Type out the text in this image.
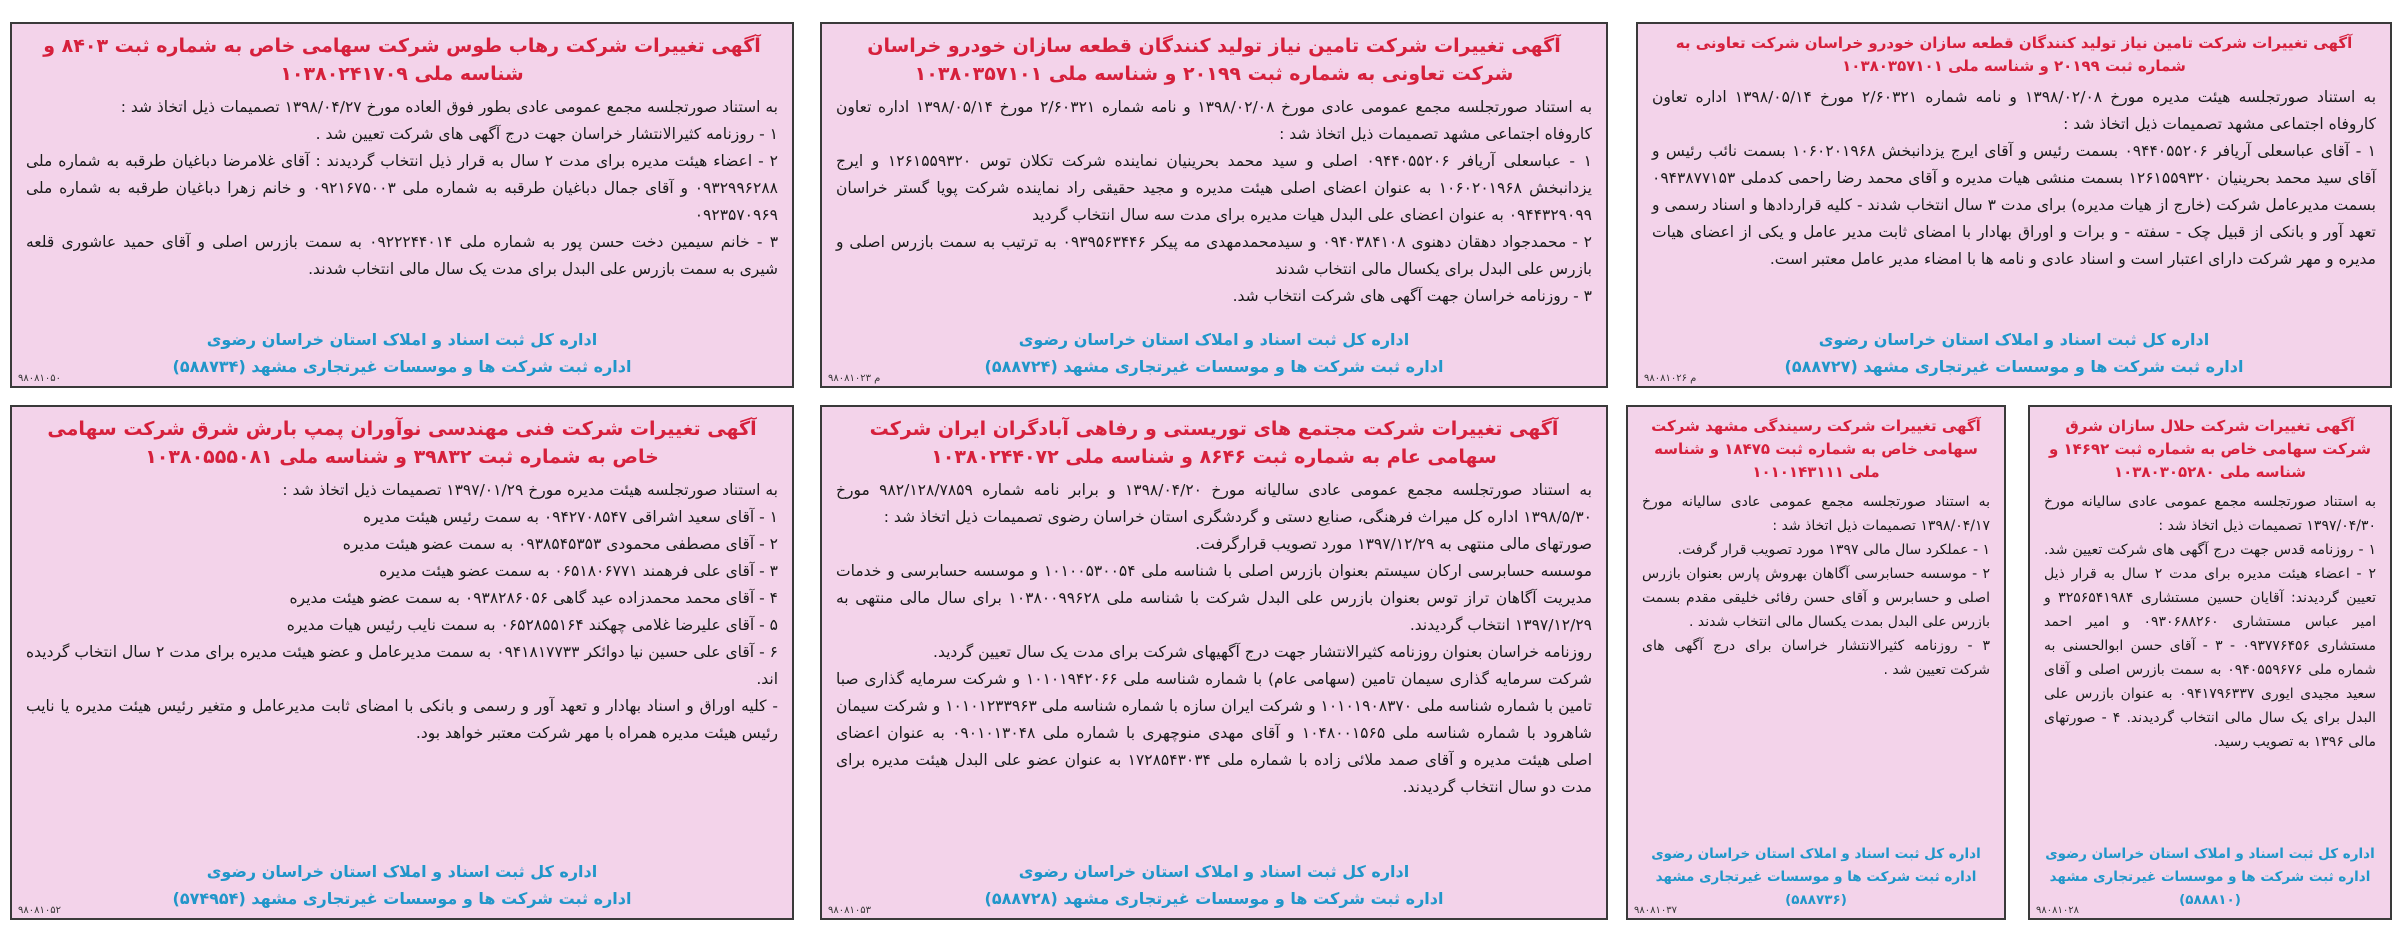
آگهی تغییرات شرکت تامین نیاز تولید کنندگان قطعه سازان خودرو خراسان شرکت تعاونی به شماره ثبت ۲۰۱۹۹ و شناسه ملی ۱۰۳۸۰۳۵۷۱۰۱

به استناد صورتجلسه هیئت مدیره مورخ ۱۳۹۸/۰۲/۰۸ و نامه شماره ۲/۶۰۳۲۱ مورخ ۱۳۹۸/۰۵/۱۴ اداره تعاون کاروفاه اجتماعی مشهد تصمیمات ذیل اتخاذ شد :

۱ - آقای عباسعلی آریافر ۰۹۴۴۰۵۵۲۰۶ بسمت رئیس و آقای ایرج یزدانبخش ۱۰۶۰۲۰۱۹۶۸ بسمت نائب رئیس و آقای سید محمد بحرینیان ۱۲۶۱۵۵۹۳۲۰ بسمت منشی هیات مدیره و آقای محمد رضا راحمی کدملی ۰۹۴۳۸۷۷۱۵۳ بسمت مدیرعامل شرکت (خارج از هیات مدیره) برای مدت ۳ سال انتخاب شدند - کلیه قراردادها و اسناد رسمی و تعهد آور و بانکی از قبیل چک - سفته - و برات و اوراق بهادار با امضای ثابت مدیر عامل و یکی از اعضای هیات مدیره و مهر شرکت دارای اعتبار است و اسناد عادی و نامه ها با امضاء مدیر عامل معتبر است.

اداره کل ثبت اسناد و املاک استان خراسان رضوی
اداره ثبت شرکت ها و موسسات غیرتجاری مشهد (۵۸۸۷۲۷)
م ۹۸۰۸۱۰۲۶
آگهی تغییرات شرکت تامین نیاز تولید کنندگان قطعه سازان خودرو خراسان شرکت تعاونی به شماره ثبت ۲۰۱۹۹ و شناسه ملی ۱۰۳۸۰۳۵۷۱۰۱

به استناد صورتجلسه مجمع عمومی عادی مورخ ۱۳۹۸/۰۲/۰۸ و نامه شماره ۲/۶۰۳۲۱ مورخ ۱۳۹۸/۰۵/۱۴ اداره تعاون کاروفاه اجتماعی مشهد تصمیمات ذیل اتخاذ شد :

۱ - عباسعلی آریافر ۰۹۴۴۰۵۵۲۰۶ اصلی و سید محمد بحرینیان نماینده شرکت تکلان توس ۱۲۶۱۵۵۹۳۲۰ و ایرج یزدانبخش ۱۰۶۰۲۰۱۹۶۸ به عنوان اعضای اصلی هیئت مدیره و مجید حقیقی راد نماینده شرکت پویا گستر خراسان ۰۹۴۴۳۲۹۰۹۹ به عنوان اعضای علی البدل هیات مدیره برای مدت سه سال انتخاب گردید

۲ - محمدجواد دهقان دهنوی ۰۹۴۰۳۸۴۱۰۸ و سیدمحمدمهدی مه پیکر ۰۹۳۹۵۶۳۴۴۶ به ترتیب به سمت بازرس اصلی و بازرس علی البدل برای یکسال مالی انتخاب شدند

۳ - روزنامه خراسان جهت آگهی های شرکت انتخاب شد.

اداره کل ثبت اسناد و املاک استان خراسان رضوی
اداره ثبت شرکت ها و موسسات غیرتجاری مشهد (۵۸۸۷۲۴)
م ۹۸۰۸۱۰۲۳
آگهی تغییرات شرکت رهاب طوس شرکت سهامی خاص به شماره ثبت ۸۴۰۳ و شناسه ملی ۱۰۳۸۰۲۴۱۷۰۹

به استناد صورتجلسه مجمع عمومی عادی بطور فوق العاده مورخ ۱۳۹۸/۰۴/۲۷ تصمیمات ذیل اتخاذ شد :

۱ - روزنامه کثیرالانتشار خراسان جهت درج آگهی های شرکت تعیین شد .

۲ - اعضاء هیئت مدیره برای مدت ۲ سال به قرار ذیل انتخاب گردیدند : آقای غلامرضا دباغیان طرقبه به شماره ملی ۰۹۳۲۹۹۶۲۸۸ و آقای جمال دباغیان طرقبه به شماره ملی ۰۹۲۱۶۷۵۰۰۳ و خانم زهرا دباغیان طرقبه به شماره ملی ۰۹۲۳۵۷۰۹۶۹

۳ - خانم سیمین دخت حسن پور به شماره ملی ۰۹۲۲۲۴۴۰۱۴ به سمت بازرس اصلی و آقای حمید عاشوری قلعه شیری به سمت بازرس علی البدل برای مدت یک سال مالی انتخاب شدند.

اداره کل ثبت اسناد و املاک استان خراسان رضوی
اداره ثبت شرکت ها و موسسات غیرتجاری مشهد (۵۸۸۷۳۴)
۹۸۰۸۱۰۵۰
آگهی تغییرات شرکت حلال سازان شرق شرکت سهامی خاص به شماره ثبت ۱۴۶۹۲ و شناسه ملی ۱۰۳۸۰۳۰۵۲۸۰

به استناد صورتجلسه مجمع عمومی عادی سالیانه مورخ ۱۳۹۷/۰۴/۳۰ تصمیمات ذیل اتخاذ شد :

۱ - روزنامه قدس جهت درج آگهی های شرکت تعیین شد. ۲ - اعضاء هیئت مدیره برای مدت ۲ سال به قرار ذیل تعیین گردیدند: آقایان حسین مستشاری ۳۲۵۶۵۴۱۹۸۴ و امیر عباس مستشاری ۰۹۳۰۶۸۸۲۶۰ و امیر احمد مستشاری ۰۹۳۷۷۶۴۵۶ - ۳ - آقای حسن ابوالحسنی به شماره ملی ۰۹۴۰۵۵۹۶۷۶ به سمت بازرس اصلی و آقای سعید مجیدی ایوری ۰۹۴۱۷۹۶۳۳۷ به عنوان بازرس علی البدل برای یک سال مالی انتخاب گردیدند. ۴ - صورتهای مالی ۱۳۹۶ به تصویب رسید.

اداره کل ثبت اسناد و املاک استان خراسان رضوی
اداره ثبت شرکت ها و موسسات غیرتجاری مشهد (۵۸۸۸۱۰)
۹۸۰۸۱۰۲۸
آگهی تغییرات شرکت رسیندگی مشهد شرکت سهامی خاص به شماره ثبت ۱۸۴۷۵ و شناسه ملی ۱۰۱۰۱۴۳۱۱۱

به استناد صورتجلسه مجمع عمومی عادی سالیانه مورخ ۱۳۹۸/۰۴/۱۷ تصمیمات ذیل اتخاذ شد :

۱ - عملکرد سال مالی ۱۳۹۷ مورد تصویب قرار گرفت.

۲ - موسسه حسابرسی آگاهان بهروش پارس بعنوان بازرس اصلی و حسابرس و آقای حسن رفائی خلیقی مقدم بسمت بازرس علی البدل بمدت یکسال مالی انتخاب شدند .

۳ - روزنامه کثیرالانتشار خراسان برای درج آگهی های شرکت تعیین شد .

اداره کل ثبت اسناد و املاک استان خراسان رضوی
اداره ثبت شرکت ها و موسسات غیرتجاری مشهد (۵۸۸۷۳۶)
۹۸۰۸۱۰۳۷
آگهی تغییرات شرکت مجتمع های توریستی و رفاهی آبادگران ایران شرکت سهامی عام به شماره ثبت ۸۶۴۶ و شناسه ملی ۱۰۳۸۰۲۴۴۰۷۲

به استناد صورتجلسه مجمع عمومی عادی سالیانه مورخ ۱۳۹۸/۰۴/۲۰ و برابر نامه شماره ۹۸۲/۱۲۸/۷۸۵۹ مورخ ۱۳۹۸/۵/۳۰ اداره کل میراث فرهنگی، صنایع دستی و گردشگری استان خراسان رضوی تصمیمات ذیل اتخاذ شد :

صورتهای مالی منتهی به ۱۳۹۷/۱۲/۲۹ مورد تصویب قرارگرفت.

موسسه حسابرسی ارکان سیستم بعنوان بازرس اصلی با شناسه ملی ۱۰۱۰۰۵۳۰۰۵۴ و موسسه حسابرسی و خدمات مدیریت آگاهان تراز توس بعنوان بازرس علی البدل شرکت با شناسه ملی ۱۰۳۸۰۰۹۹۶۲۸ برای سال مالی منتهی به ۱۳۹۷/۱۲/۲۹ انتخاب گردیدند.

روزنامه خراسان بعنوان روزنامه کثیرالانتشار جهت درج آگهیهای شرکت برای مدت یک سال تعیین گردید.

شرکت سرمایه گذاری سیمان تامین (سهامی عام) با شماره شناسه ملی ۱۰۱۰۱۹۴۲۰۶۶ و شرکت سرمایه گذاری صبا تامین با شماره شناسه ملی ۱۰۱۰۱۹۰۸۳۷۰ و شرکت ایران سازه با شماره شناسه ملی ۱۰۱۰۱۲۳۳۹۶۳ و شرکت سیمان شاهرود با شماره شناسه ملی ۱۰۴۸۰۰۱۵۶۵ و آقای مهدی منوچهری با شماره ملی ۰۹۰۱۰۱۳۰۴۸ به عنوان اعضای اصلی هیئت مدیره و آقای صمد ملائی زاده با شماره ملی ۱۷۲۸۵۴۳۰۳۴ به عنوان عضو علی البدل هیئت مدیره برای مدت دو سال انتخاب گردیدند.

اداره کل ثبت اسناد و املاک استان خراسان رضوی
اداره ثبت شرکت ها و موسسات غیرتجاری مشهد (۵۸۸۷۲۸)
۹۸۰۸۱۰۵۳
آگهی تغییرات شرکت فنی مهندسی نوآوران پمپ بارش شرق شرکت سهامی خاص به شماره ثبت ۳۹۸۳۲ و شناسه ملی ۱۰۳۸۰۵۵۵۰۸۱

به استناد صورتجلسه هیئت مدیره مورخ ۱۳۹۷/۰۱/۲۹ تصمیمات ذیل اتخاذ شد :

۱ - آقای سعید اشراقی ۰۹۴۲۷۰۸۵۴۷ به سمت رئیس هیئت مدیره

۲ - آقای مصطفی محمودی ۰۹۳۸۵۴۵۳۵۳ به سمت عضو هیئت مدیره

۳ - آقای علی فرهمند ۰۶۵۱۸۰۶۷۷۱ به سمت عضو هیئت مدیره

۴ - آقای محمد محمدزاده عید گاهی ۰۹۳۸۲۸۶۰۵۶ به سمت عضو هیئت مدیره

۵ - آقای علیرضا غلامی چهکند ۰۶۵۲۸۵۵۱۶۴ به سمت نایب رئیس هیات مدیره

۶ - آقای علی حسین نیا دوائکر ۰۹۴۱۸۱۷۷۳۳ به سمت مدیرعامل و عضو هیئت مدیره برای مدت ۲ سال انتخاب گردیده اند.

- کلیه اوراق و اسناد بهادار و تعهد آور و رسمی و بانکی با امضای ثابت مدیرعامل و متغیر رئیس هیئت مدیره یا نایب رئیس هیئت مدیره همراه با مهر شرکت معتبر خواهد بود.

اداره کل ثبت اسناد و املاک استان خراسان رضوی
اداره ثبت شرکت ها و موسسات غیرتجاری مشهد (۵۷۴۹۵۴)
۹۸۰۸۱۰۵۲
